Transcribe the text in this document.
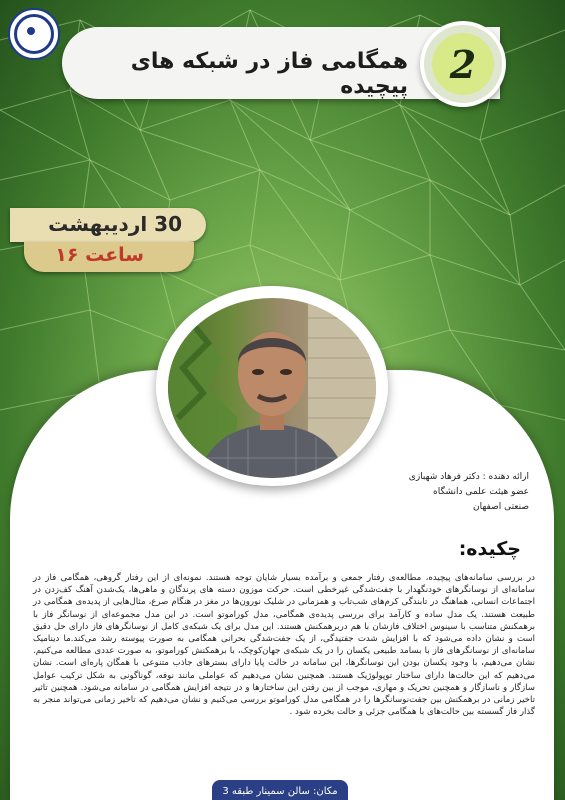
همگامی فاز در شبکه های پیچیده	2
30 اردیبهشت
ساعت ۱۶
ارائه دهنده : دکتر فرهاد شهبازی
عضو هیئت علمی دانشگاه
صنعتی اصفهان
چکیده:
در بررسی سامانه‌های پیچیده، مطالعه‌ی رفتار جمعی و برآمده بسیار شایان توجه هستند. نمونه‌ای از این رفتار گروهی، همگامی فاز در سامانه‌ای از نوسانگرهای خودنگهدار با جفت‌شدگی غیرخطی است. حرکت موزون دسته های پرندگان و ماهی‌ها، یک‌شدن آهنگ کف‌زدن در اجتماعات انسانی، هماهنگ در تابندگی کرم‌های شب‌تاب و همزمانی در شلیک نورون‌ها در مغز در هنگام صرع، مثال‌هایی از پدیده‌ی همگامی در طبیعت هستند. یک مدل ساده و کارآمد برای بررسی پدیده‌ی همگامی، مدل کوراموتو است. در این مدل مجموعه‌ای از نوسانگر فاز با برهمکنش متناسب با سینوس اختلاف فازشان با هم دربرهمکنش هستند. این مدل برای یک شبکه‌ی کامل از نوسانگرهای فاز دارای حل دقیق است و نشان داده می‌شود که با افزایش شدت جفتیدگی، از یک جفت‌شدگی بحرانی همگامی به صورت پیوسته رشد می‌کند.ما دینامیک سامانه‌ای از نوسانگرهای فاز با بسامد طبیعی یکسان را در یک شبکه‌ی جهان‌کوچک، با برهمکنش کوراموتو، به صورت عددی مطالعه می‌کنیم. نشان می‌دهیم، با وجود یکسان بودن این نوسانگرها، این سامانه در حالت پایا دارای بسترهای جاذب متنوعی با همگان پاره‌ای است. نشان می‌دهیم که این حالت‌ها دارای ساختار توپولوژیک هستند. همچنین نشان می‌دهیم که عواملی مانند نوفه، گوناگونی به شکل ترکیب عوامل سازگار و ناسازگار و همچنین تحریک و مهاری، موجب از بین رفتن این ساختارها و در نتیجه افزایش همگامی در سامانه می‌شود. همچنین تاثیر تاخیر زمانی در برهمکنش بین جفت‌نوسانگرها را در همگامی مدل کوراموتو بررسی می‌کنیم و نشان می‌دهیم که تاخیر زمانی می‌تواند منجر به گذار فاز گسسته بین حالت‌های با همگامی جزئی و حالت بخرده شود .
مکان: سالن سمینار طبقه 3
